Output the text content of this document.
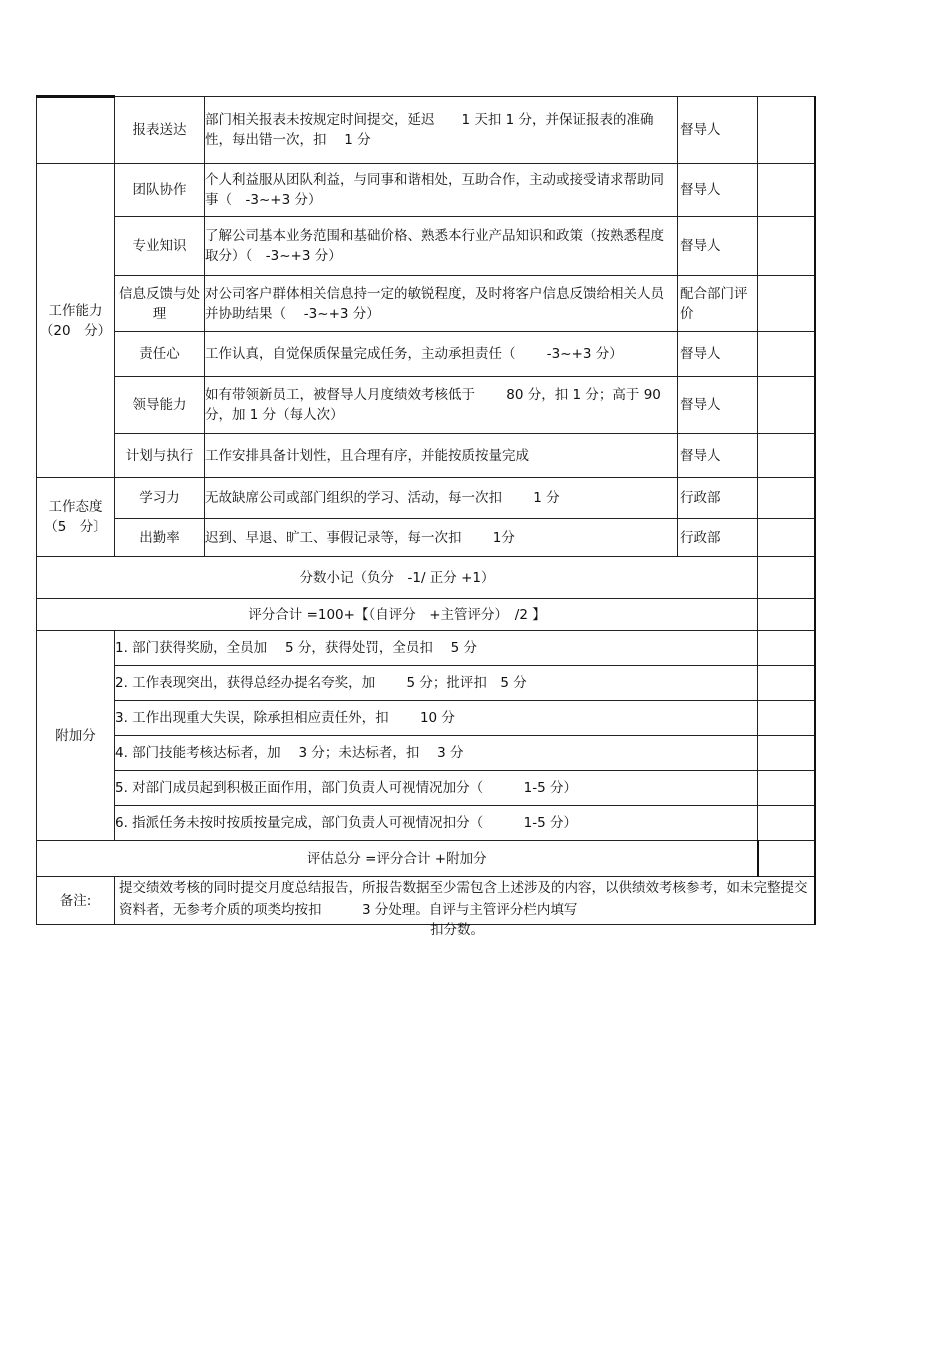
	报表送达	部门相关报表未按规定时间提交，延迟　　1 天扣 1 分，并保证报表的准确性，每出错一次，扣　 1 分	督导人	
工作能力（20　分）	团队协作	个人利益服从团队利益，与同事和谐相处，互助合作，主动或接受请求帮助同事（　-3~+3 分）	督导人	
	专业知识	了解公司基本业务范围和基础价格、熟悉本行业产品知识和政策（按熟悉程度取分）（　-3~+3 分）	督导人	
	信息反馈与处理	对公司客户群体相关信息持一定的敏锐程度，及时将客户信息反馈给相关人员并协助结果（　 -3~+3 分）	配合部门评价	
	责任心	工作认真，自觉保质保量完成任务，主动承担责任（　　 -3~+3 分）	督导人	
	领导能力	如有带领新员工，被督导人月度绩效考核低于　　 80 分，扣 1 分；高于 90 分，加 1 分（每人次）	督导人	
	计划与执行	工作安排具备计划性，且合理有序，并能按质按量完成	督导人	
工作态度（5　分〕	学习力	无故缺席公司或部门组织的学习、活动，每一次扣　　 1 分	行政部	
	出勤率	迟到、早退、旷工、事假记录等，每一次扣　　 1分	行政部	
分数小记（负分　-1/ 正分 +1）				
评分合计 =100+【（自评分　+主管评分）　/2 】				
附加分	1. 部门获得奖励，全员加　 5 分，获得处罚，全员扣　 5 分			
	2. 工作表现突出，获得总经办提名夸奖，加　　 5 分；批评扣　5 分			
	3. 工作出现重大失误，除承担相应责任外，扣　　 10 分			
	4. 部门技能考核达标者，加　 3 分；未达标者，扣　 3 分			
	5. 对部门成员起到积极正面作用，部门负责人可视情况加分（　　　1-5 分）			
	6. 指派任务未按时按质按量完成，部门负责人可视情况扣分（　　　1-5 分）			
评估总分 =评分合计 +附加分				
备注:	提交绩效考核的同时提交月度总结报告，所报告数据至少需包含上述涉及的内容，以供绩效考核参考，如未完整提交资料者，无参考介质的项类均按扣　　　3 分处理。自评与主管评分栏内填写			
扣分数。
